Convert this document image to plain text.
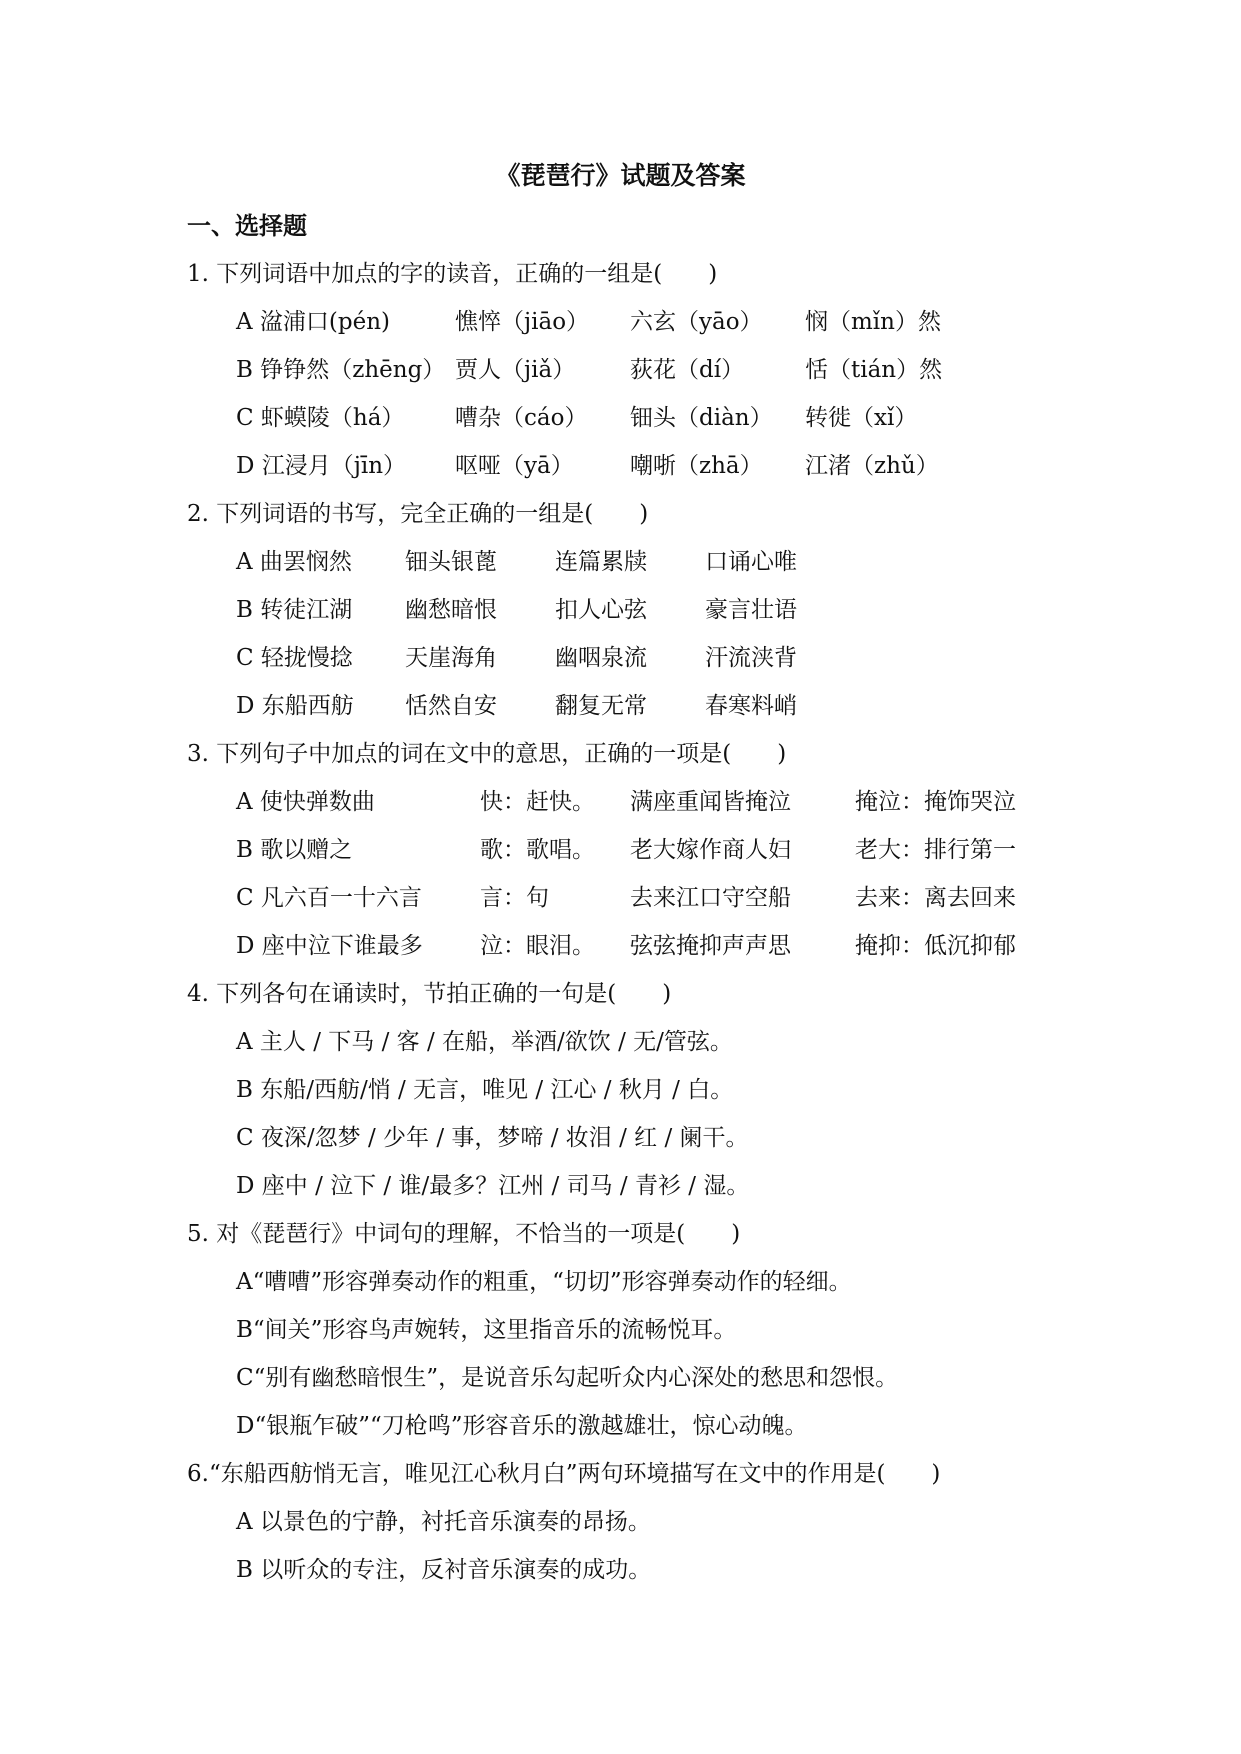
《琵琶行》试题及答案
一、选择题
1. 下列词语中加点的字的读音，正确的一组是(　　)
A 湓浦口(pén)	憔悴（jiāo） 六玄（yāo） 悯（mǐn）然
B 铮铮然（zhēng） 贾人（jiǎ） 荻花（dí）	恬（tián）然
C 虾蟆陵（há） 嘈杂（cáo） 钿头（diàn） 转徙（xǐ）
D 江浸月（jīn） 呕哑（yā） 嘲哳（zhā） 江渚（zhǔ）
2. 下列词语的书写，完全正确的一组是(　　)
A 曲罢悯然 钿头银蓖	连篇累牍	口诵心唯
B 转徒江湖 幽愁暗恨	扣人心弦	豪言壮语
C 轻拢慢捻 天崖海角	幽咽泉流	汗流浃背
D 东船西舫 恬然自安	翻复无常	春寒料峭
3. 下列句子中加点的词在文中的意思，正确的一项是(　　)
A 使快弹数曲	快：赶快。 满座重闻皆掩泣	掩泣：掩饰哭泣
B 歌以赠之	歌：歌唱。 老大嫁作商人妇	老大：排行第一
C 凡六百一十六言	言：句	去来江口守空船	去来：离去回来
D 座中泣下谁最多 泣：眼泪。 弦弦掩抑声声思	掩抑：低沉抑郁
4. 下列各句在诵读时，节拍正确的一句是(　　)
A 主人 / 下马 / 客 / 在船，举酒/欲饮 / 无/管弦。
B 东船/西舫/悄 / 无言，唯见 / 江心 / 秋月 / 白。
C 夜深/忽梦 / 少年 / 事，梦啼 / 妆泪 / 红 / 阑干。
D 座中 / 泣下 / 谁/最多？江州 / 司马 / 青衫 / 湿。
5. 对《琵琶行》中词句的理解，不恰当的一项是(　　)
A“嘈嘈”形容弹奏动作的粗重，“切切”形容弹奏动作的轻细。
B“间关”形容鸟声婉转，这里指音乐的流畅悦耳。
C“别有幽愁暗恨生”，是说音乐勾起听众内心深处的愁思和怨恨。
D“银瓶乍破”“刀枪鸣”形容音乐的激越雄壮，惊心动魄。
6.“东船西舫悄无言，唯见江心秋月白”两句环境描写在文中的作用是(　　)
A 以景色的宁静，衬托音乐演奏的昂扬。
B 以听众的专注，反衬音乐演奏的成功。
